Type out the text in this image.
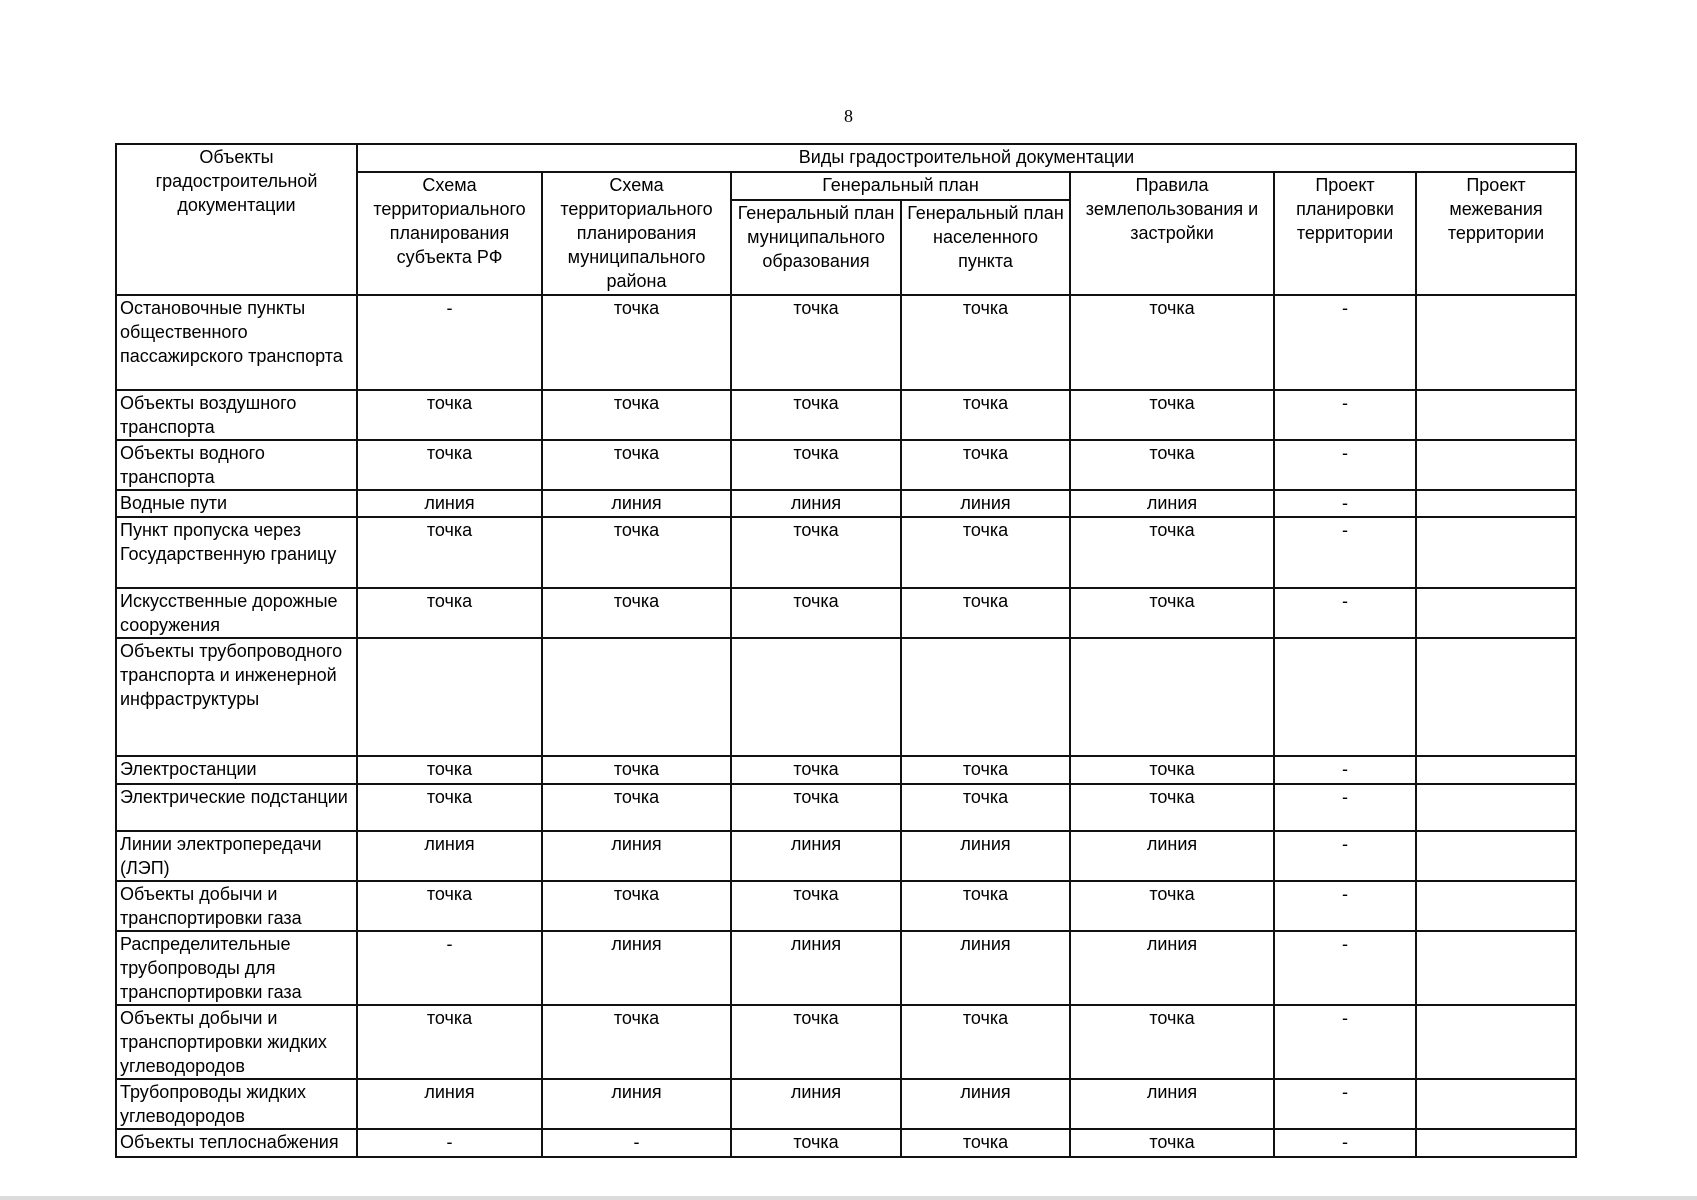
8
Объекты градостроительной документации	Виды градостроительной документации						
	Схема территориального планирования субъекта РФ	Схема территориального планирования муниципального района	Генеральный план		Правила землепользования и застройки	Проект планировки территории	Проект межевания территории
			Генеральный план муниципального образования	Генеральный план населенного пункта			
Остановочные пункты общественного пассажирского транспорта	-	точка	точка	точка	точка	-	
Объекты воздушного транспорта	точка	точка	точка	точка	точка	-	
Объекты водного транспорта	точка	точка	точка	точка	точка	-	
Водные пути	линия	линия	линия	линия	линия	-	
Пункт пропуска через Государственную границу	точка	точка	точка	точка	точка	-	
Искусственные дорожные сооружения	точка	точка	точка	точка	точка	-	
Объекты трубопроводного транспорта и инженерной инфраструктуры							
Электростанции	точка	точка	точка	точка	точка	-	
Электрические подстанции	точка	точка	точка	точка	точка	-	
Линии электропередачи (ЛЭП)	линия	линия	линия	линия	линия	-	
Объекты добычи и транспортировки газа	точка	точка	точка	точка	точка	-	
Распределительные трубопроводы для транспортировки газа	-	линия	линия	линия	линия	-	
Объекты добычи и транспортировки жидких углеводородов	точка	точка	точка	точка	точка	-	
Трубопроводы жидких углеводородов	линия	линия	линия	линия	линия	-	
Объекты теплоснабжения	-	-	точка	точка	точка	-	
